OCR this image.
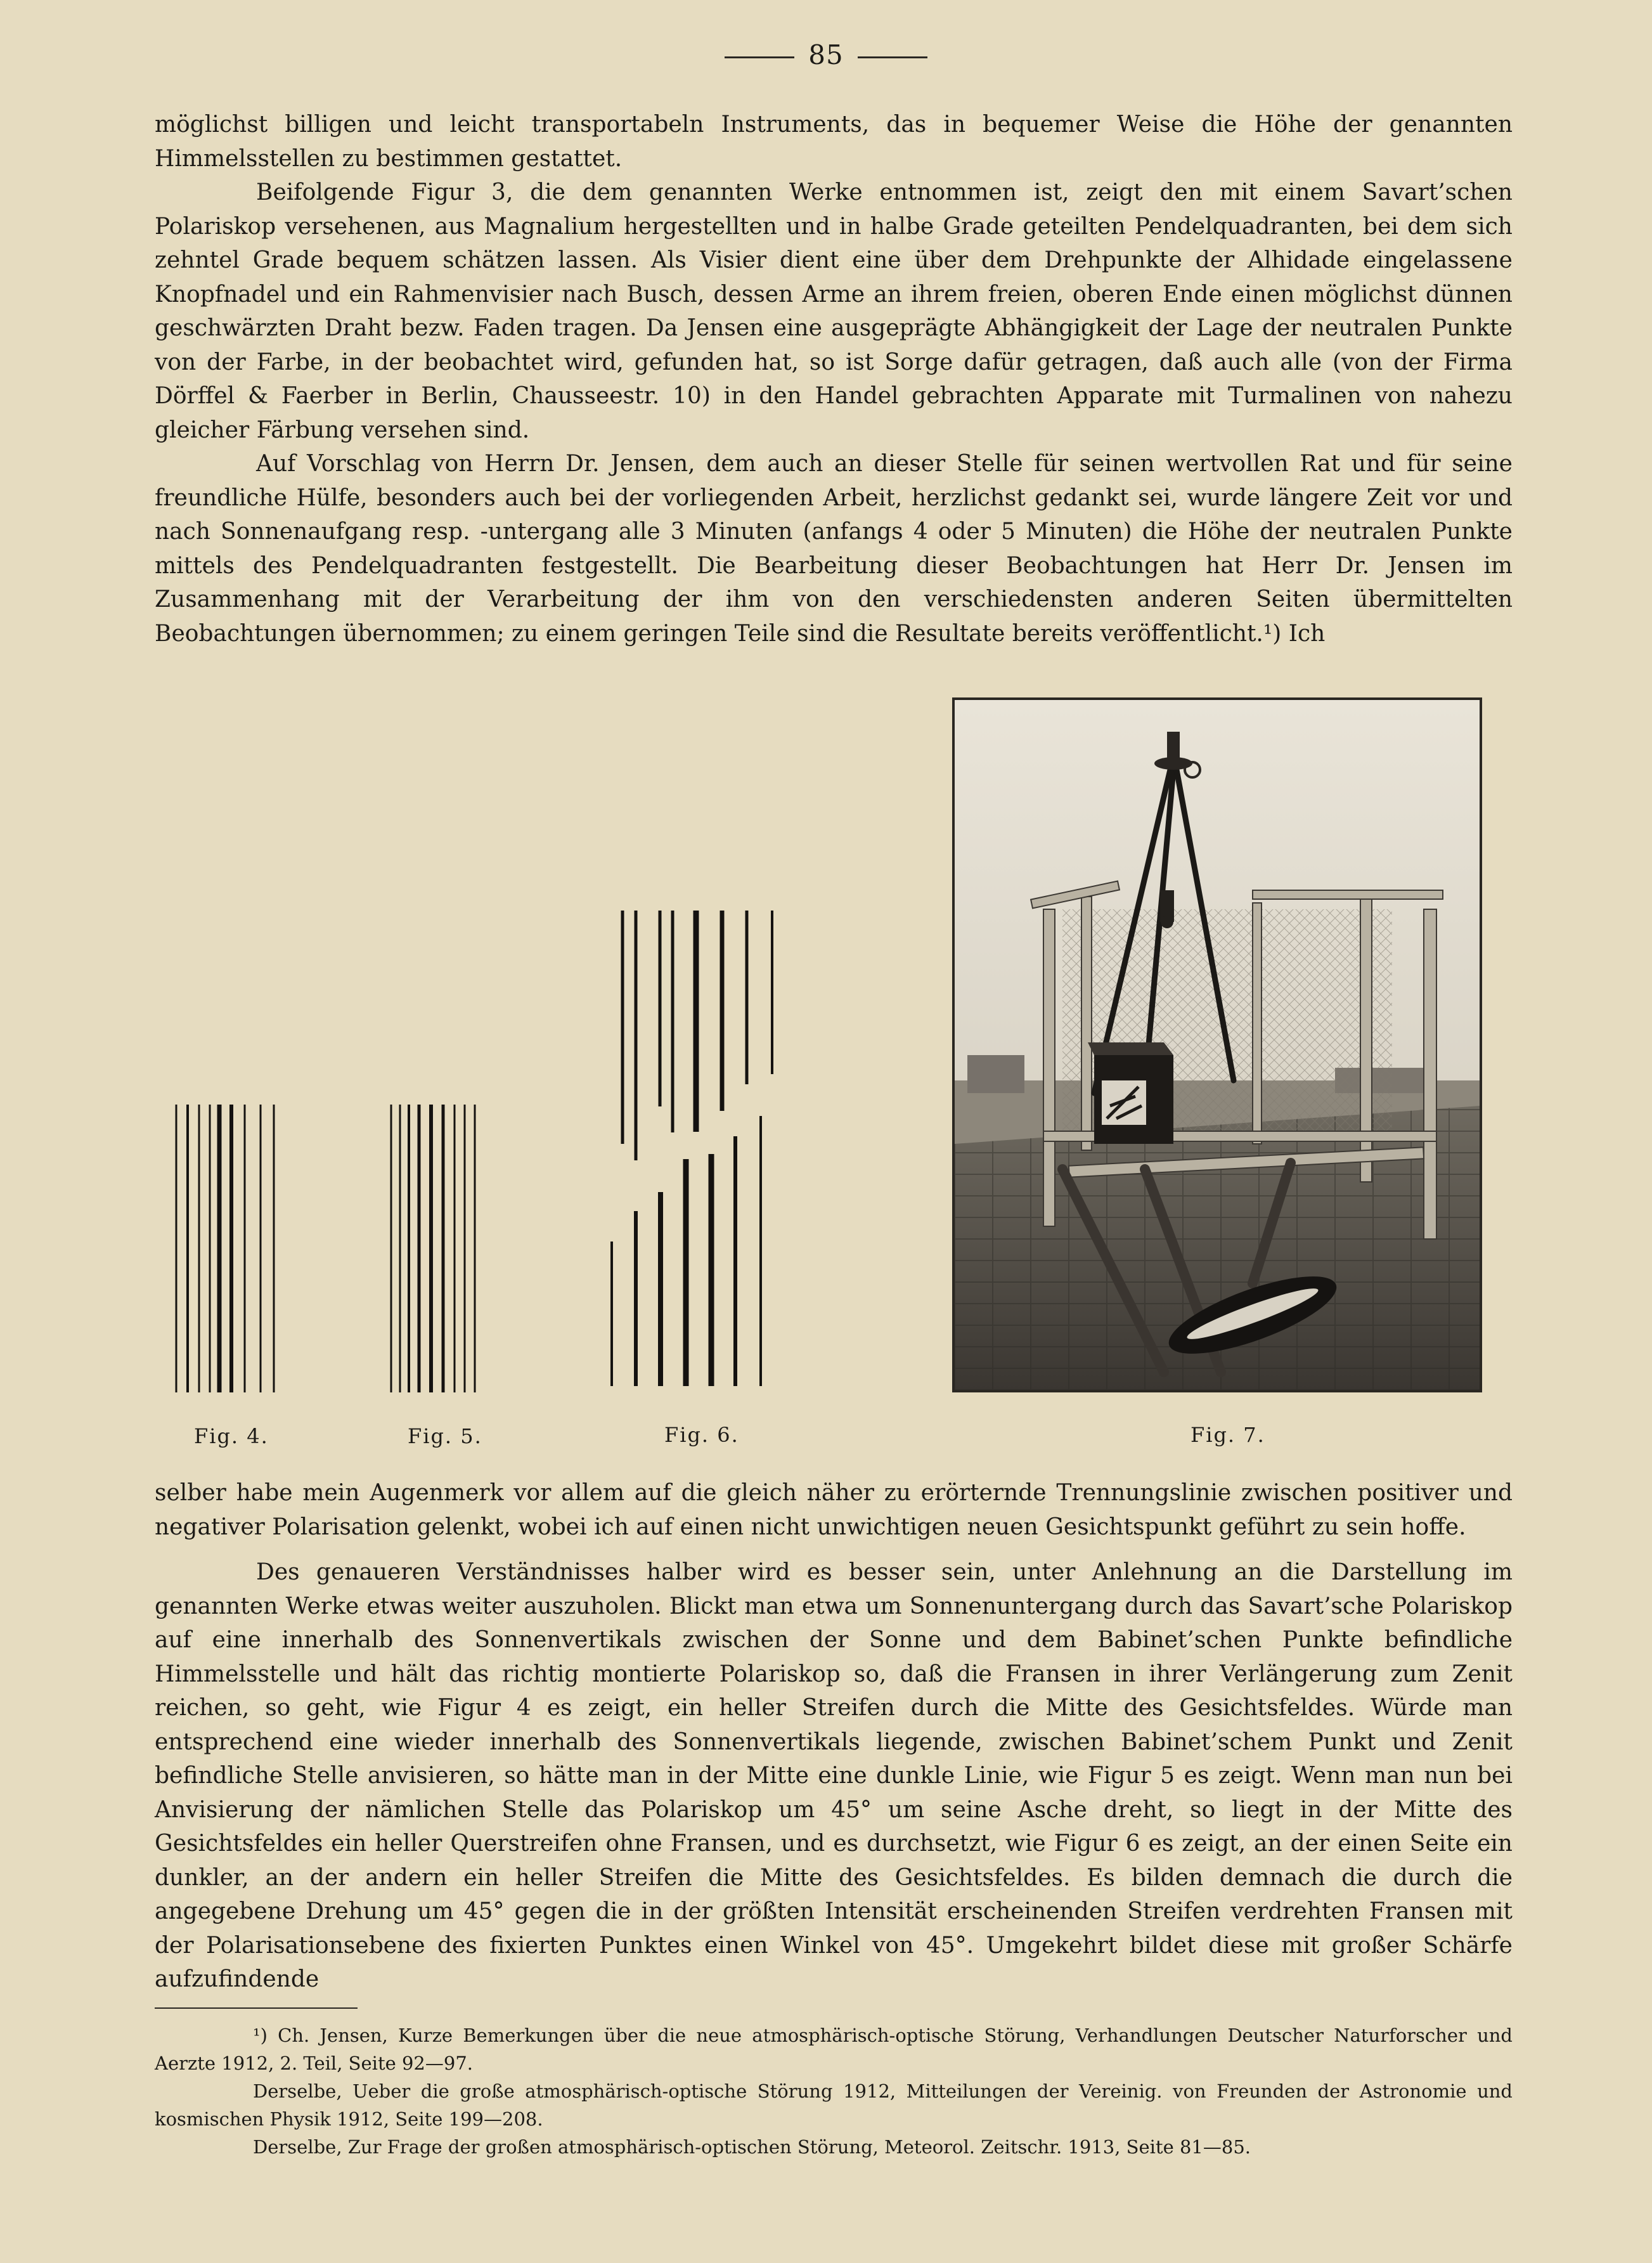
85

möglichst billigen und leicht transportabeln Instruments, das in bequemer Weise die Höhe der genannten Himmelsstellen zu bestimmen gestattet.

Beifolgende Figur 3, die dem genannten Werke entnommen ist, zeigt den mit einem Savart’schen Polariskop versehenen, aus Magnalium hergestellten und in halbe Grade geteilten Pendelquadranten, bei dem sich zehntel Grade bequem schätzen lassen. Als Visier dient eine über dem Drehpunkte der Alhidade eingelassene Knopfnadel und ein Rahmenvisier nach Busch, dessen Arme an ihrem freien, oberen Ende einen möglichst dünnen geschwärzten Draht bezw. Faden tragen. Da Jensen eine ausgeprägte Abhängigkeit der Lage der neutralen Punkte von der Farbe, in der beobachtet wird, gefunden hat, so ist Sorge dafür getragen, daß auch alle (von der Firma Dörffel & Faerber in Berlin, Chausseestr. 10) in den Handel gebrachten Apparate mit Turmalinen von nahezu gleicher Färbung versehen sind.

Auf Vorschlag von Herrn Dr. Jensen, dem auch an dieser Stelle für seinen wertvollen Rat und für seine freundliche Hülfe, besonders auch bei der vorliegenden Arbeit, herzlichst gedankt sei, wurde längere Zeit vor und nach Sonnenaufgang resp. -untergang alle 3 Minuten (anfangs 4 oder 5 Minuten) die Höhe der neutralen Punkte mittels des Pendelquadranten festgestellt. Die Bearbeitung dieser Beobachtungen hat Herr Dr. Jensen im Zusammenhang mit der Verarbeitung der ihm von den verschiedensten anderen Seiten übermittelten Beobachtungen übernommen; zu einem geringen Teile sind die Resultate bereits veröffentlicht.¹) Ich

Fig. 4.	Fig. 5.	Fig. 6.	Fig. 7.

selber habe mein Augenmerk vor allem auf die gleich näher zu erörternde Trennungslinie zwischen positiver und negativer Polarisation gelenkt, wobei ich auf einen nicht unwichtigen neuen Gesichtspunkt geführt zu sein hoffe.

Des genaueren Verständnisses halber wird es besser sein, unter Anlehnung an die Darstellung im genannten Werke etwas weiter auszuholen. Blickt man etwa um Sonnenuntergang durch das Savart’sche Polariskop auf eine innerhalb des Sonnenvertikals zwischen der Sonne und dem Babinet’schen Punkte befindliche Himmelsstelle und hält das richtig montierte Polariskop so, daß die Fransen in ihrer Verlängerung zum Zenit reichen, so geht, wie Figur 4 es zeigt, ein heller Streifen durch die Mitte des Gesichtsfeldes. Würde man entsprechend eine wieder innerhalb des Sonnenvertikals liegende, zwischen Babinet’schem Punkt und Zenit befindliche Stelle anvisieren, so hätte man in der Mitte eine dunkle Linie, wie Figur 5 es zeigt. Wenn man nun bei Anvisierung der nämlichen Stelle das Polariskop um 45° um seine Asche dreht, so liegt in der Mitte des Gesichtsfeldes ein heller Querstreifen ohne Fransen, und es durchsetzt, wie Figur 6 es zeigt, an der einen Seite ein dunkler, an der andern ein heller Streifen die Mitte des Gesichtsfeldes. Es bilden demnach die durch die angegebene Drehung um 45° gegen die in der größten Intensität erscheinenden Streifen verdrehten Fransen mit der Polarisationsebene des fixierten Punktes einen Winkel von 45°. Umgekehrt bildet diese mit großer Schärfe aufzufindende

¹) Ch. Jensen, Kurze Bemerkungen über die neue atmosphärisch-optische Störung, Verhandlungen Deutscher Naturforscher und Aerzte 1912, 2. Teil, Seite 92—97.

Derselbe, Ueber die große atmosphärisch-optische Störung 1912, Mitteilungen der Vereinig. von Freunden der Astronomie und kosmischen Physik 1912, Seite 199—208.

Derselbe, Zur Frage der großen atmosphärisch-optischen Störung, Meteorol. Zeitschr. 1913, Seite 81—85.
